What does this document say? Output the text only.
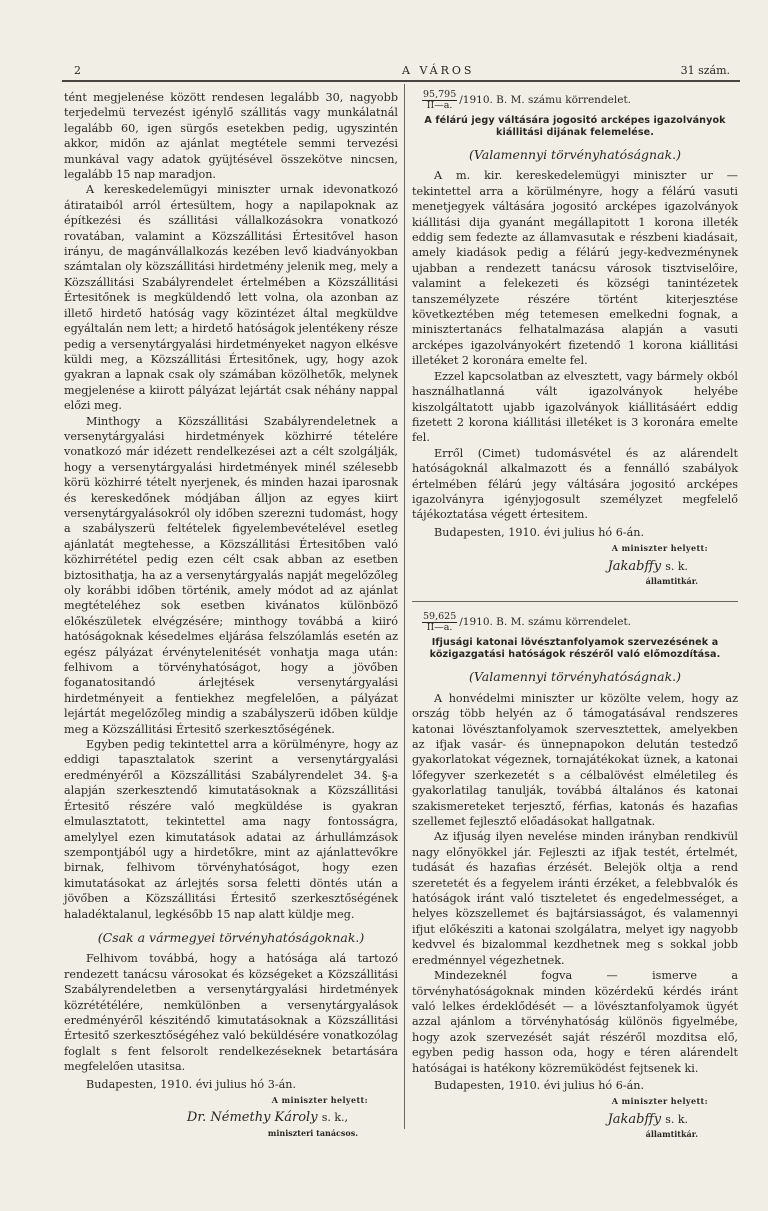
2	A VÁROS	31 szám.

tént megjelenése között rendesen legalább 30, nagyobb terjedelmü tervezést igénylő szállitás vagy munkálatnál legalább 60, igen sürgős esetekben pedig, ugyszintén akkor, midőn az ajánlat megtétele semmi tervezési munkával vagy adatok gyüjtésével összekötve nincsen, legalább 15 nap maradjon.

A kereskedelemügyi miniszter urnak idevonatkozó átirataiból arról értesültem, hogy a napilapoknak az építkezési és szállitási vállalkozásokra vonatkozó rovatában, valamint a Közszállitási Értesitővel hason irányu, de magánvállalkozás kezében levő kiadványokban számtalan oly közszállitási hirdetmény jelenik meg, mely a Közszállitási Szabályrendelet értelmében a Közszállitási Értesitőnek is megküldendő lett volna, ola azonban az illető hirdető hatóság vagy közintézet által megküldve egyáltalán nem lett; a hirdető hatóságok jelentékeny része pedig a versenytárgyalási hirdetményeket nagyon elkésve küldi meg, a Közszállitási Értesitőnek, ugy, hogy azok gyakran a lapnak csak oly számában közölhetők, melynek megjelenése a kiirott pályázat lejártát csak néhány nappal előzi meg.

Minthogy a Közszállitási Szabályrendeletnek a versenytárgyalási hirdetmények közhirré tételére vonatkozó már idézett rendelkezései azt a célt szolgálják, hogy a versenytárgyalási hirdetmények minél szélesebb körü közhirré tételt nyerjenek, és minden hazai iparosnak és kereskedőnek módjában álljon az egyes kiirt versenytárgyalásokról oly időben szerezni tudomást, hogy a szabályszerü feltételek figyelembevételével esetleg ajánlatát megtehesse, a Közszállitási Értesitőben való közhirrététel pedig ezen célt csak abban az esetben biztosithatja, ha az a versenytárgyalás napját megelőzőleg oly korábbi időben történik, amely módot ad az ajánlat megtételéhez sok esetben kivánatos különböző előkészületek elvégzésére; minthogy továbbá a kiiró hatóságoknak késedelmes eljárása felszólamlás esetén az egész pályázat érvénytelenitését vonhatja maga után: felhivom a törvényhatóságot, hogy a jövőben foganatositandó árlejtések versenytárgyalási hirdetményeit a fentiekhez megfelelően, a pályázat lejártát megelőzőleg mindig a szabályszerü időben küldje meg a Közszállitási Értesitő szerkesztőségének.

Egyben pedig tekintettel arra a körülményre, hogy az eddigi tapasztalatok szerint a versenytárgyalási eredményéről a Közszállitási Szabályrendelet 34. §-a alapján szerkesztendő kimutatásoknak a Közszállitási Értesitő részére való megküldése is gyakran elmulasztatott, tekintettel ama nagy fontosságra, amelylyel ezen kimutatások adatai az árhullámzások szempontjából ugy a hirdetőkre, mint az ajánlattevőkre birnak, felhivom törvényhatóságot, hogy ezen kimutatásokat az árlejtés sorsa feletti döntés után a jövőben a Közszállitási Értesitő szerkesztőségének haladéktalanul, legkésőbb 15 nap alatt küldje meg.

(Csak a vármegyei törvényhatóságoknak.)

Felhivom továbbá, hogy a hatósága alá tartozó rendezett tanácsu városokat és községeket a Közszállitási Szabályrendeletben a versenytárgyalási hirdetmények közrététélére, nemkülönben a versenytárgyalások eredményéről késziténdő kimutatásoknak a Közszállitási Értesitő szerkesztőségéhez való beküldésére vonatkozólag foglalt s fent felsorolt rendelkezéseknek betartására megfelelően utasitsa.

Budapesten, 1910. évi julius hó 3-án.

A miniszter helyett:
Dr. Némethy Károly s. k.,
miniszteri tanácsos.
$\frac{95,795}{II—a.} /1910$. B. M. számu körrendelet.
A félárú jegy váltására jogositó arcképes igazolványok kiállitási dijának felemelése.
(Valamennyi törvényhatóságnak.)

A m. kir. kereskedelemügyi miniszter ur — tekintettel arra a körülményre, hogy a félárú vasuti menetjegyek váltására jogositó arcképes igazolványok kiállitási dija gyanánt megállapitott 1 korona illeték eddig sem fedezte az államvasutak e részbeni kiadásait, amely kiadások pedig a félárú jegy-kedvezménynek ujabban a rendezett tanácsu városok tisztviselőire, valamint a felekezeti és községi tanintézetek tanszemélyzete részére történt kiterjesztése következtében még tetemesen emelkedni fognak, a minisztertanács felhatalmazása alapján a vasuti arcképes igazolványokért fizetendő 1 korona kiállitási illetéket 2 koronára emelte fel.

Ezzel kapcsolatban az elvesztett, vagy bármely okból használhatlanná vált igazolványok helyébe kiszolgáltatott ujabb igazolványok kiállitásáért eddig fizetett 2 korona kiállitási illetéket is 3 koronára emelte fel.

Erről (Cimet) tudomásvétel és az alárendelt hatóságoknál alkalmazott és a fennálló szabályok értelmében félárú jegy váltására jogositó arcképes igazolványra igényjogosult személyzet megfelelő tájékoztatása végett értesitem.

Budapesten, 1910. évi julius hó 6-án.

A miniszter helyett:
Jakabffy s. k.
államtitkár.
$\frac{59,625}{II—a.} /1910$. B. M. számu körrendelet.
Ifjusági katonai lövésztanfolyamok szervezésének a közigazgatási hatóságok részéről való előmozdítása.
(Valamennyi törvényhatóságnak.)

A honvédelmi miniszter ur közölte velem, hogy az ország több helyén az ő támogatásával rendszeres katonai lövésztanfolyamok szervesztettek, amelyekben az ifjak vasár- és ünnepnapokon delután testedző gyakorlatokat végeznek, tornajátékokat üznek, a katonai lőfegyver szerkezetét s a célbalövést elméletileg és gyakorlatilag tanulják, továbbá általános és katonai szakismereteket terjesztő, férfias, katonás és hazafias szellemet fejlesztő előadásokat hallgatnak.

Az ifjuság ilyen nevelése minden irányban rendkivül nagy előnyökkel jár. Fejleszti az ifjak testét, értelmét, tudását és hazafias érzését. Belejök oltja a rend szeretetét és a fegyelem iránti érzéket, a felebbvalók és hatóságok iránt való tiszteletet és engedelmességet, a helyes közszellemet és bajtársiasságot, és valamennyi ifjut előkésziti a katonai szolgálatra, melyet igy nagyobb kedvvel és bizalommal kezdhetnek meg s sokkal jobb eredménnyel végezhetnek.

Mindezeknél fogva — ismerve a törvényhatóságoknak minden közérdekű kérdés iránt való lelkes érdeklődését — a lövésztanfolyamok ügyét azzal ajánlom a törvényhatóság különös figyelmébe, hogy azok szervezését saját részéről mozditsa elő, egyben pedig hasson oda, hogy e téren alárendelt hatóságai is hatékony közremüködést fejtsenek ki.

Budapesten, 1910. évi julius hó 6-án.

A miniszter helyett:
Jakabffy s. k.
államtitkár.
